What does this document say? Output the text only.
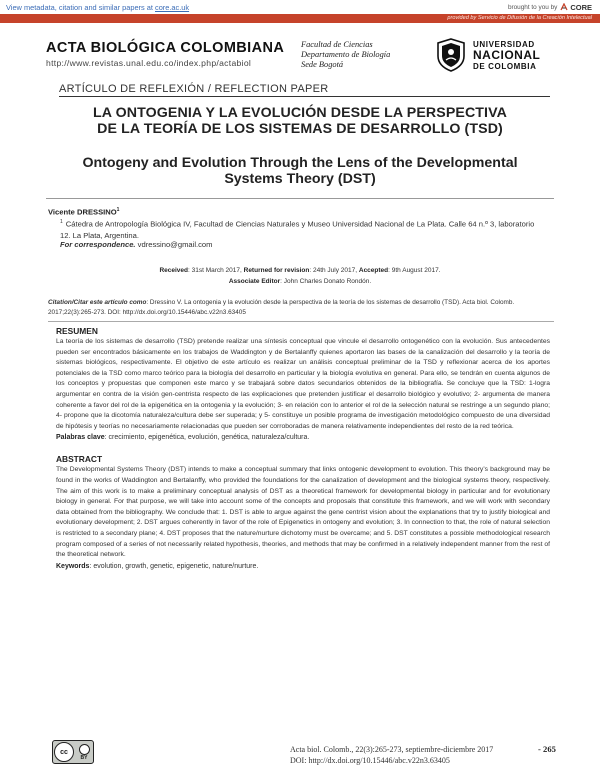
View metadata, citation and similar papers at core.ac.uk	brought to you by CORE
provided by Servicio de Difusión de la Creación Intelectual
ACTA BIOLÓGICA COLOMBIANA
http://www.revistas.unal.edu.co/index.php/actabiol
Facultad de Ciencias
Departamento de Biología
Sede Bogotá
UNIVERSIDAD
NACIONAL
DE COLOMBIA
ARTÍCULO DE REFLEXIÓN / REFLECTION PAPER
LA ONTOGENIA Y LA EVOLUCIÓN DESDE LA PERSPECTIVA
DE LA TEORÍA DE LOS SISTEMAS DE DESARROLLO (TSD)
Ontogeny and Evolution Through the Lens of the Developmental
Systems Theory (DST)
Vicente DRESSINO$^1$
$^1$ Cátedra de Antropología Biológica IV, Facultad de Ciencias Naturales y Museo Universidad Nacional de La Plata. Calle 64 n.º 3, laboratorio 12. La Plata, Argentina.
For correspondence. vdressino@gmail.com
Received: 31st March 2017, Returned for revision: 24th July 2017, Accepted: 9th August 2017.
Associate Editor: John Charles Donato Rondón.
Citation/Citar este artículo como: Dressino V. La ontogenia y la evolución desde la perspectiva de la teoría de los sistemas de desarrollo (TSD). Acta biol. Colomb. 2017;22(3):265-273. DOI: http://dx.doi.org/10.15446/abc.v22n3.63405
RESUMEN
La teoría de los sistemas de desarrollo (TSD) pretende realizar una síntesis conceptual que vincule el desarrollo ontogenético con la evolución. Sus antecedentes pueden ser encontrados básicamente en los trabajos de Waddington y de Bertalanffy quienes aportaron las bases de la canalización del desarrollo y la teoría de sistemas biológicos, respectivamente. El objetivo de este artículo es realizar un análisis conceptual preliminar de la TSD y reflexionar acerca de los aportes potenciales de la TSD como marco teórico para la biología del desarrollo en particular y la biología evolutiva en general. Para ello, se tendrán en cuenta algunos de los conceptos y propuestas que componen este marco y se trabajará sobre datos secundarios obtenidos de la bibliografía. Se concluye que la TSD: 1-logra argumentar en contra de la visión gen-centrista respecto de las explicaciones que pretenden justificar el desarrollo biológico y evolutivo; 2- argumenta de manera coherente a favor del rol de la epigenética en la ontogenia y la evolución; 3- en relación con lo anterior el rol de la selección natural se restringe a un segundo plano; 4- propone que la dicotomía naturaleza/cultura debe ser superada; y 5- constituye un posible programa de investigación metodológico compuesto de una diversidad de hipótesis y teorías no necesariamente relacionadas que pueden ser corroboradas de manera relativamente independientes del resto de la red teórica.
Palabras clave: crecimiento, epigenética, evolución, genética, naturaleza/cultura.
ABSTRACT
The Developmental Systems Theory (DST) intends to make a conceptual summary that links ontogenic development to evolution. This theory’s background may be found in the works of Waddington and Bertalanffy, who provided the foundations for the canalization of development and the biological systems theory, respectively. The aim of this work is to make a preliminary conceptual analysis of DST as a theoretical framework for developmental biology in particular and for evolutionary biology in general. For that purpose, we will take into account some of the concepts and proposals that constitute this framework, and we will work with secondary data obtained from the bibliography. We conclude that: 1. DST is able to argue against the gene centrist vision about the explanations that try to justify biological and evolutionary development; 2. DST argues coherently in favor of the role of Epigenetics in ontogeny and evolution; 3. In connection to that, the role of natural selection is restricted to a secondary plane; 4. DST proposes that the nature/nurture dichotomy must be overcame; and 5. DST constitutes a possible methodological research program composed of a series of not necessarily related hypothesis, theories, and methods that may be confirmed in a relatively independent manner from the rest of the theoretical network.
Keywords: evolution, growth, genetic, epigenetic, nature/nurture.
cc
BY
Acta biol. Colomb., 22(3):265-273, septiembre-diciembre 2017
DOI: http://dx.doi.org/10.15446/abc.v22n3.63405
- 265
